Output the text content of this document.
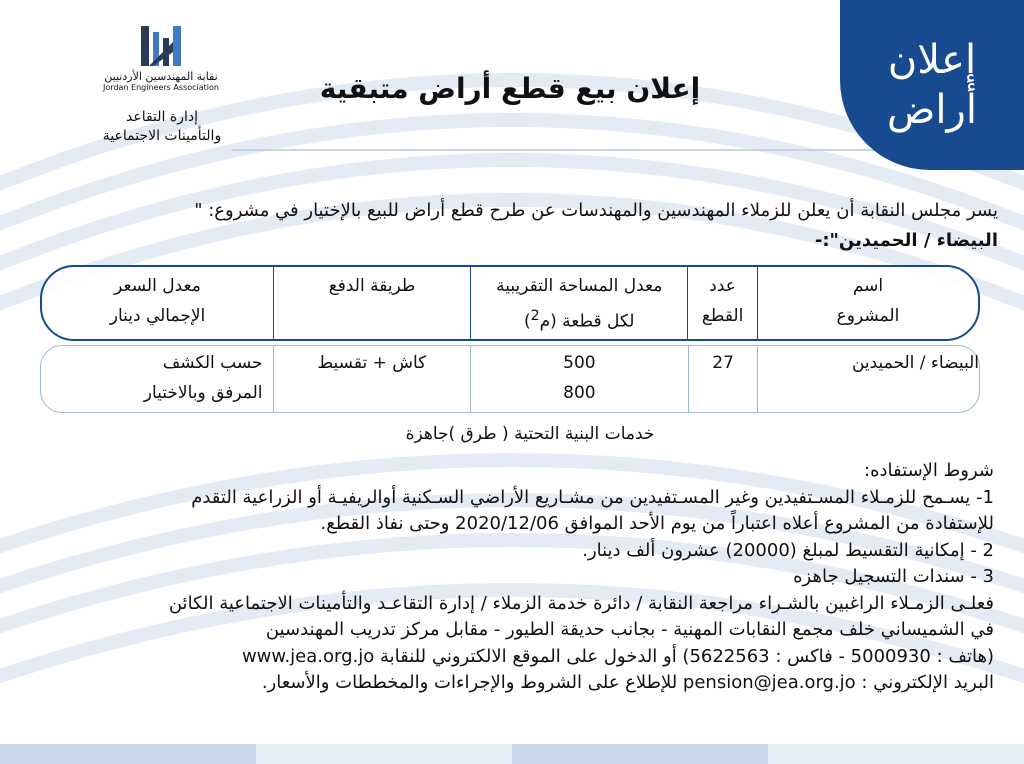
إعلان
أراض
نقابة المهندسين الأردنيين
Jordan Engineers Association
إدارة التقاعد
والتأمينات الاجتماعية
إعلان بيع قطع أراض متبقية
يسر مجلس النقابة أن يعلن للزملاء المهندسين والمهندسات عن طرح قطع أراض للبيع بالإختيار في مشروع: "
البيضاء / الحميدين":-
اسم
المشروع
عدد
القطع
معدل المساحة التقريبية
لكل قطعة (م$^2$)
طريقة الدفع
معدل السعر
الإجمالي دينار
البيضاء / الحميدين
27
500
800
كاش + تقسيط
حسب الكشف
المرفق وبالاختيار
خدمات البنية التحتية ( طرق )جاهزة
شروط الإستفاده:
1- يسـمح للزمـلاء المسـتفيدين وغير المسـتفيدين من مشـاريع الأراضي السـكنية أوالريفيـة أو الزراعية التقدم
للإستفادة من المشروع أعلاه اعتباراً من يوم الأحد الموافق 2020/12/06 وحتى نفاذ القطع.
2 - إمكانية التقسيط لمبلغ (20000) عشرون ألف دينار.
3 - سندات التسجيل جاهزه
فعلـى الزمـلاء الراغبين بالشـراء مراجعة النقابة / دائرة خدمة الزملاء / إدارة التقاعـد والتأمينات الاجتماعية الكائن
في الشميساني خلف مجمع النقابات المهنية - بجانب حديقة الطيور - مقابل مركز تدريب المهندسين
(هاتف : 5000930 - فاكس : 5622563) أو الدخول على الموقع الالكتروني للنقابة www.jea.org.jo
البريد الإلكتروني : pension@jea.org.jo للإطلاع على الشروط والإجراءات والمخططات والأسعار.
